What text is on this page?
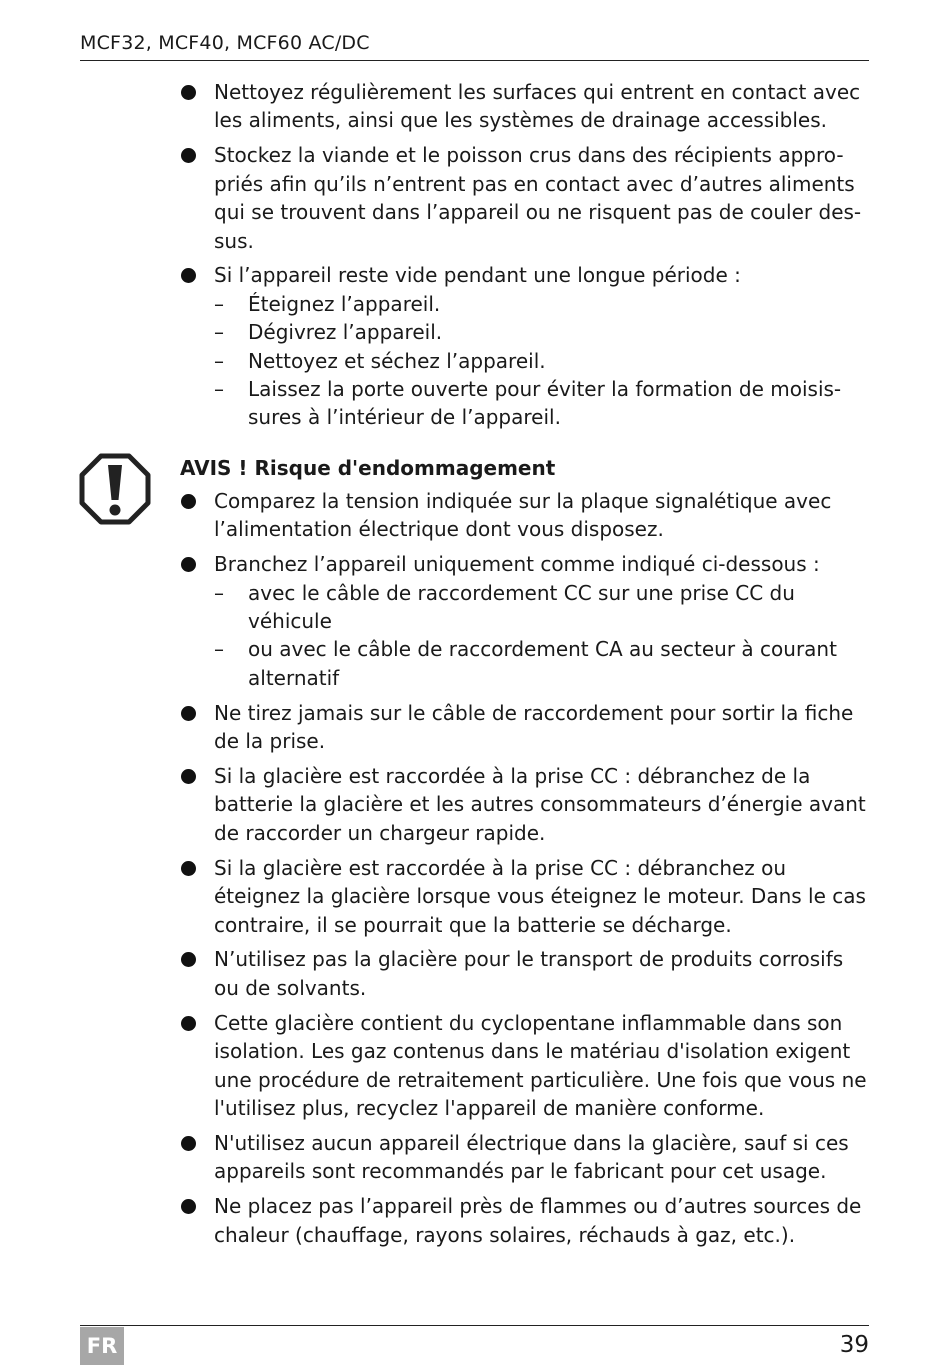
MCF32, MCF40, MCF60 AC/DC
Nettoyez régulièrement les surfaces qui entrent en contact avec les aliments, ainsi que les systèmes de drainage accessibles.
Stockez la viande et le poisson crus dans des récipients appro-priés afin qu’ils n’entrent pas en contact avec d’autres aliments qui se trouvent dans l’appareil ou ne risquent pas de couler des-sus.
Si l’appareil reste vide pendant une longue période :
–	Éteignez l’appareil.
–	Dégivrez l’appareil.
–	Nettoyez et séchez l’appareil.
–	Laissez la porte ouverte pour éviter la formation de moisis-sures à l’intérieur de l’appareil.
AVIS ! Risque d'endommagement
Comparez la tension indiquée sur la plaque signalétique avec l’alimentation électrique dont vous disposez.
Branchez l’appareil uniquement comme indiqué ci-dessous :
–	avec le câble de raccordement CC sur une prise CC du véhicule
–	ou avec le câble de raccordement CA au secteur à courant alternatif
Ne tirez jamais sur le câble de raccordement pour sortir la fiche de la prise.
Si la glacière est raccordée à la prise CC : débranchez de la batterie la glacière et les autres consommateurs d’énergie avant de raccorder un chargeur rapide.
Si la glacière est raccordée à la prise CC : débranchez ou éteignez la glacière lorsque vous éteignez le moteur. Dans le cas contraire, il se pourrait que la batterie se décharge.
N’utilisez pas la glacière pour le transport de produits corrosifs ou de solvants.
Cette glacière contient du cyclopentane inflammable dans son isolation. Les gaz contenus dans le matériau d'isolation exigent une procédure de retraitement particulière. Une fois que vous ne l'utilisez plus, recyclez l'appareil de manière conforme.
N'utilisez aucun appareil électrique dans la glacière, sauf si ces appareils sont recommandés par le fabricant pour cet usage.
Ne placez pas l’appareil près de flammes ou d’autres sources de chaleur (chauffage, rayons solaires, réchauds à gaz, etc.).
FR	39
